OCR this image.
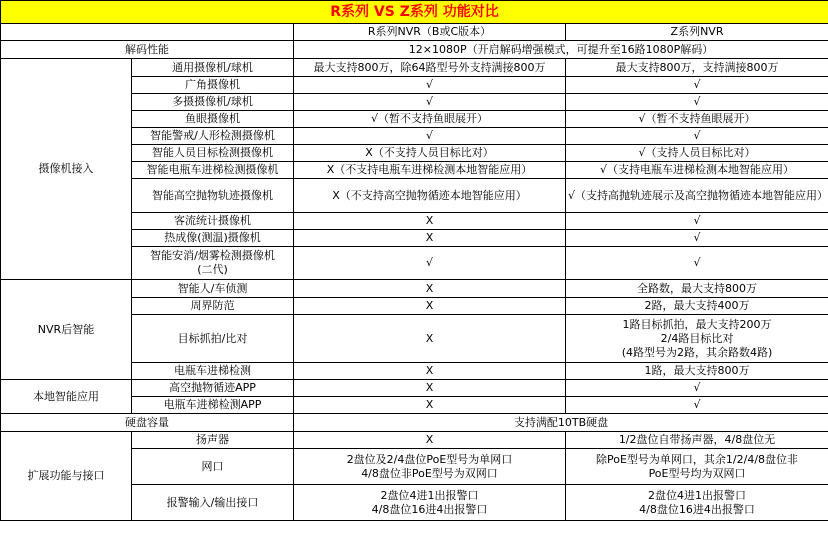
R系列 VS Z系列 功能对比			
		R系列NVR（B或C版本）	Z系列NVR
解码性能		12×1080P（开启解码增强模式，可提升至16路1080P解码）	
摄像机接入	通用摄像机/球机	最大支持800万，除64路型号外支持满接800万	最大支持800万，支持满接800万
	广角摄像机	√	√
	多摄摄像机/球机	√	√
	鱼眼摄像机	√（暂不支持鱼眼展开）	√（暂不支持鱼眼展开）
	智能警戒/人形检测摄像机	√	√
	智能人员目标检测摄像机	X（不支持人员目标比对）	√（支持人员目标比对）
	智能电瓶车进梯检测摄像机	X（不支持电瓶车进梯检测本地智能应用）	√（支持电瓶车进梯检测本地智能应用）
	智能高空抛物轨迹摄像机	X（不支持高空抛物循迹本地智能应用）	√（支持高抛轨迹展示及高空抛物循迹本地智能应用）
	客流统计摄像机	X	√
	热成像(测温)摄像机	X	√
	智能安消/烟雾检测摄像机
(二代)	√	√
NVR后智能	智能人/车侦测	X	全路数，最大支持800万
	周界防范	X	2路，最大支持400万
	目标抓拍/比对	X	1路目标抓拍，最大支持200万
2/4路目标比对
(4路型号为2路，其余路数4路)
	电瓶车进梯检测	X	1路，最大支持800万
本地智能应用	高空抛物循迹APP	X	√
	电瓶车进梯检测APP	X	√
硬盘容量		支持满配10TB硬盘	
扩展功能与接口	扬声器	X	1/2盘位自带扬声器，4/8盘位无
	网口	2盘位及2/4盘位PoE型号为单网口
4/8盘位非PoE型号为双网口	除PoE型号为单网口，其余1/2/4/8盘位非
PoE型号均为双网口
	报警输入/输出接口	2盘位4进1出报警口
4/8盘位16进4出报警口	2盘位4进1出报警口
4/8盘位16进4出报警口
